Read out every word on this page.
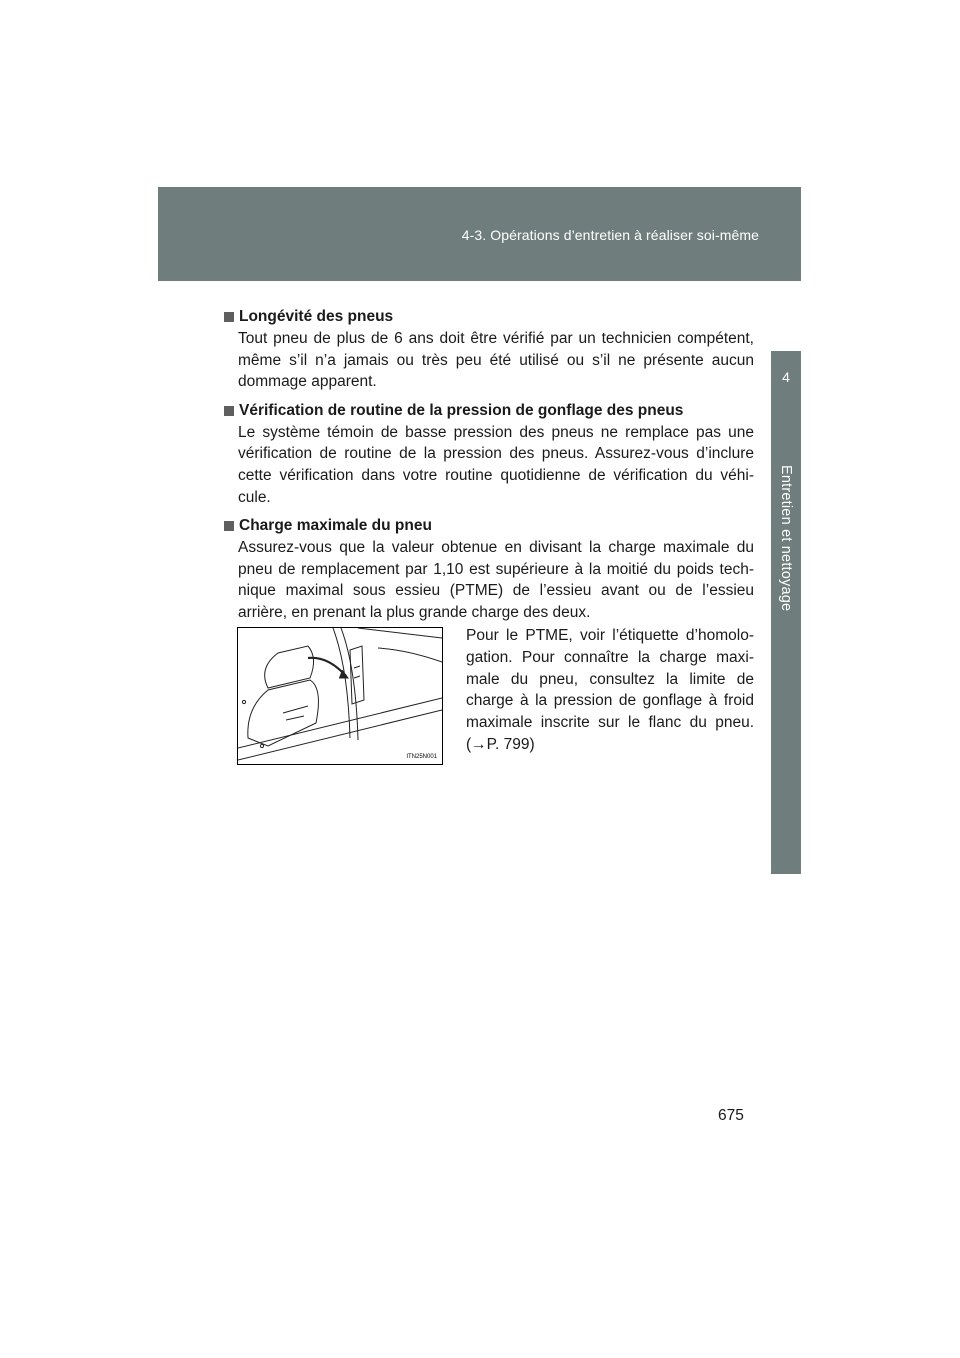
4-3. Opérations d’entretien à réaliser soi-même
4
Entretien et nettoyage
Longévité des pneus
Tout pneu de plus de 6 ans doit être vérifié par un technicien compétent, même s’il n’a jamais ou très peu été utilisé ou s’il ne présente aucun dommage apparent.
Vérification de routine de la pression de gonflage des pneus
Le système témoin de basse pression des pneus ne remplace pas une vérification de routine de la pression des pneus. Assurez-vous d’inclure cette vérification dans votre routine quotidienne de vérification du véhi-cule.
Charge maximale du pneu
Assurez-vous que la valeur obtenue en divisant la charge maximale du pneu de remplacement par 1,10 est supérieure à la moitié du poids tech-nique maximal sous essieu (PTME) de l’essieu avant ou de l’essieu arrière, en prenant la plus grande charge des deux.
ITN25N001
Pour le PTME, voir l’étiquette d’homolo-gation. Pour connaître la charge maxi-male du pneu, consultez la limite de charge à la pression de gonflage à froid maximale inscrite sur le flanc du pneu. (→P. 799)
675
